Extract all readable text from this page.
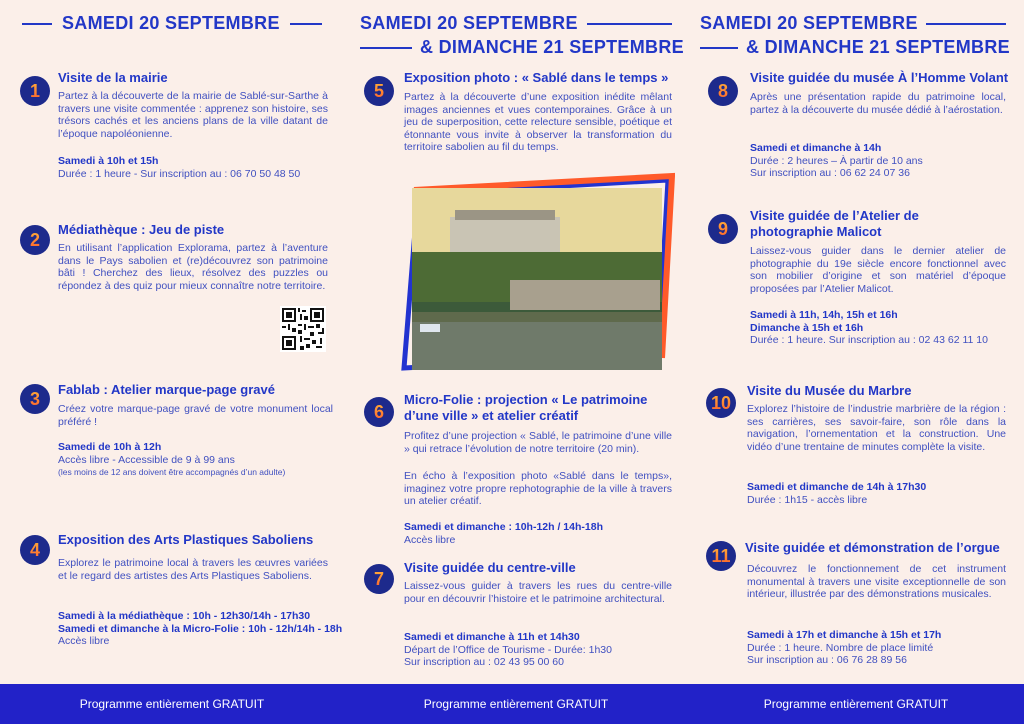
SAMEDI 20 SEPTEMBRE	SAMEDI 20 SEPTEMBRE
& DIMANCHE 21 SEPTEMBRE
SAMEDI 20 SEPTEMBRE
& DIMANCHE 21 SEPTEMBRE
1
Visite de la mairie
Partez à la découverte de la mairie de Sablé-sur-Sarthe à travers une visite commentée : apprenez son histoire, ses trésors cachés et les anciens plans de la ville datant de l’époque napoléonienne.
Samedi à 10h et 15h
Durée : 1 heure - Sur inscription au : 06 70 50 48 50
2 Médiathèque : Jeu de piste
En utilisant l’application Explorama, partez à l’aventure dans le Pays sabolien et (re)découvrez son patrimoine bâti ! Cherchez des lieux, résolvez des puzzles ou répondez à des quiz pour mieux connaître notre territoire.
3 Fablab : Atelier marque-page gravé
Créez votre marque-page gravé de votre monument local préféré !
Samedi de 10h à 12h
Accès libre - Accessible de 9 à 99 ans
(les moins de 12 ans doivent être accompagnés d’un adulte)
4 Exposition des Arts Plastiques Saboliens
Explorez le patrimoine local à travers les œuvres variées et le regard des artistes des Arts Plastiques Saboliens.
Samedi à la médiathèque : 10h - 12h30/14h - 17h30
Samedi et dimanche à la Micro-Folie : 10h - 12h/14h - 18h
Accès libre
5
Exposition photo : « Sablé dans le temps »
Partez à la découverte d’une exposition inédite mêlant images anciennes et vues contemporaines. Grâce à un jeu de superposition, cette relecture sensible, poétique et étonnante vous invite à observer la transformation du territoire sabolien au fil du temps.
6
Micro-Folie : projection « Le patrimoine d’une ville » et atelier créatif
Profitez d’une projection « Sablé, le patrimoine d’une ville » qui retrace l’évolution de notre territoire (20 min).
En écho à l’exposition photo «Sablé dans le temps», imaginez votre propre rephotographie de la ville à travers un atelier créatif.
Samedi et dimanche : 10h-12h / 14h-18h
Accès libre
7
Visite guidée du centre-ville
Laissez-vous guider à travers les rues du centre-ville pour en découvrir l’histoire et le patrimoine architectural.
Samedi et dimanche à 11h et 14h30
Départ de l’Office de Tourisme - Durée: 1h30
Sur inscription au : 02 43 95 00 60
8
Visite guidée du musée À l’Homme Volant
Après une présentation rapide du patrimoine local, partez à la découverte du musée dédié à l’aérostation.
Samedi et dimanche à 14h
Durée : 2 heures – À partir de 10 ans
Sur inscription au : 06 62 24 07 36
9
Visite guidée de l’Atelier de photographie Malicot
Laissez-vous guider dans le dernier atelier de photographie du 19e siècle encore fonctionnel avec son mobilier d’origine et son matériel d’époque proposées par l’Atelier Malicot.
Samedi à 11h, 14h, 15h et 16h
Dimanche à 15h et 16h
Durée : 1 heure. Sur inscription au : 02 43 62 11 10
10
Visite du Musée du Marbre
Explorez l’histoire de l’industrie marbrière de la région : ses carrières, ses savoir-faire, son rôle dans la navigation, l’ornementation et la construction. Une vidéo d’une trentaine de minutes complète la visite.
Samedi et dimanche de 14h à 17h30
Durée : 1h15 - accès libre
11 Visite guidée et démonstration de l’orgue
Découvrez le fonctionnement de cet instrument monumental à travers une visite exceptionnelle de son intérieur, illustrée par des démonstrations musicales.
Samedi à 17h et dimanche à 15h et 17h
Durée : 1 heure. Nombre de place limité
Sur inscription au : 06 76 28 89 56
Programme entièrement GRATUIT	Programme entièrement GRATUIT	Programme entièrement GRATUIT
